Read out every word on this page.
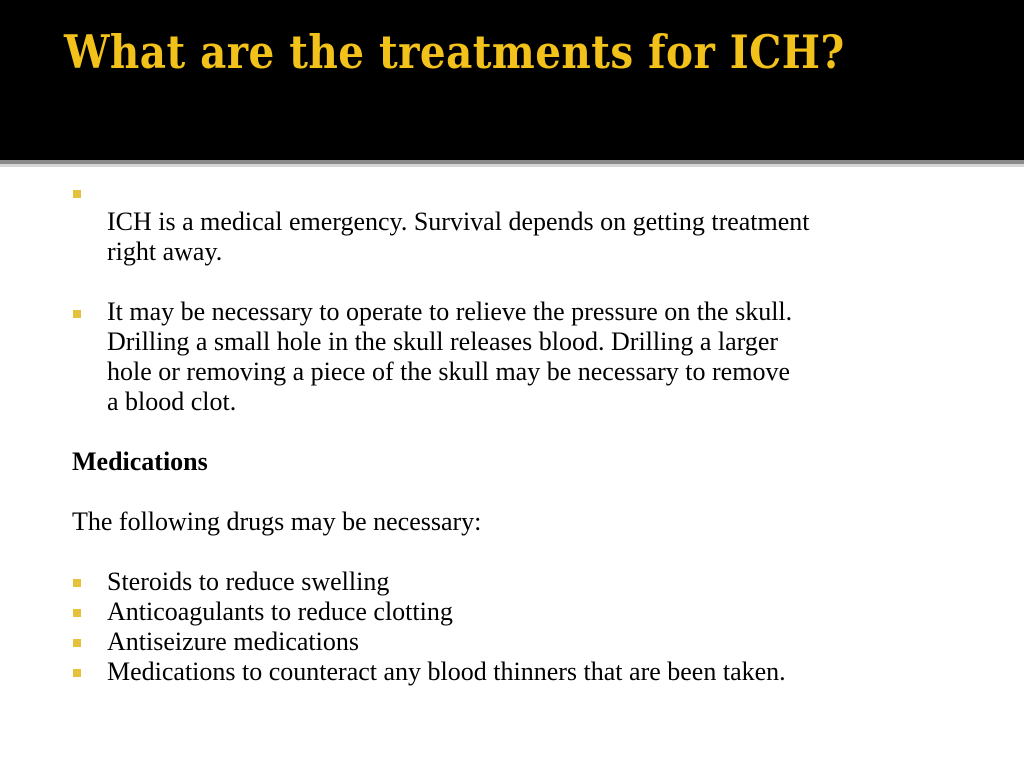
What are the treatments for ICH?

ICH is a medical emergency. Survival depends on getting treatment

right away.

It may be necessary to operate to relieve the pressure on the skull.

Drilling a small hole in the skull releases blood. Drilling a larger

hole or removing a piece of the skull may be necessary to remove

a blood clot.

Medications

The following drugs may be necessary:

Steroids to reduce swelling

Anticoagulants to reduce clotting

Antiseizure medications

Medications to counteract any blood thinners that are been taken.
